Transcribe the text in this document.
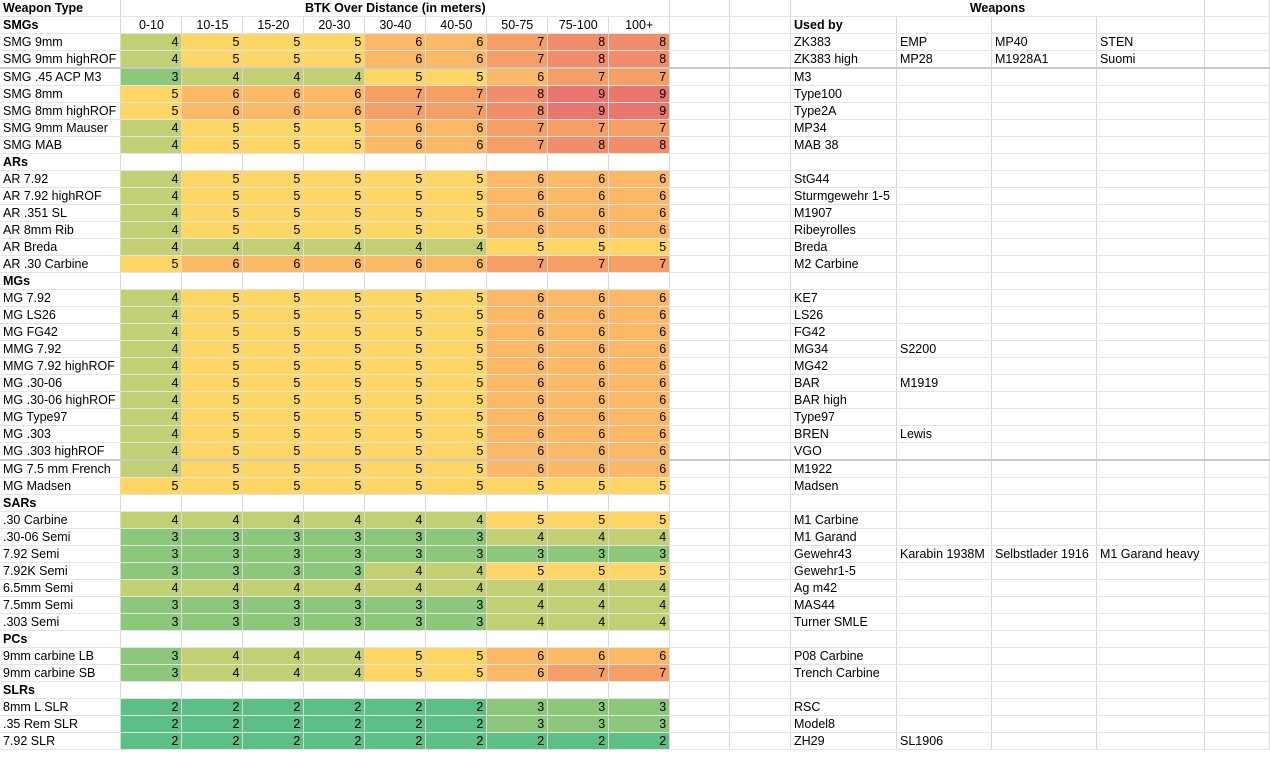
Weapon Type	BTK Over Distance (in meters)											Weapons				
SMGs	0-10	10-15	15-20	20-30	30-40	40-50	50-75	75-100	100+			Used by				
SMG 9mm	4	5	5	5	6	6	7	8	8			ZK383	EMP	MP40	STEN	
SMG 9mm highROF	4	5	5	5	6	6	7	8	8			ZK383 high	MP28	M1928A1	Suomi	
SMG .45 ACP M3	3	4	4	4	5	5	6	7	7			M3				
SMG 8mm	5	6	6	6	7	7	8	9	9			Type100				
SMG 8mm highROF	5	6	6	6	7	7	8	9	9			Type2A				
SMG 9mm Mauser	4	5	5	5	6	6	7	7	7			MP34				
SMG MAB	4	5	5	5	6	6	7	8	8			MAB 38				
ARs																
AR 7.92	4	5	5	5	5	5	6	6	6			StG44				
AR 7.92 highROF	4	5	5	5	5	5	6	6	6			Sturmgewehr 1-5				
AR .351 SL	4	5	5	5	5	5	6	6	6			M1907				
AR 8mm Rib	4	5	5	5	5	5	6	6	6			Ribeyrolles				
AR Breda	4	4	4	4	4	4	5	5	5			Breda				
AR .30 Carbine	5	6	6	6	6	6	7	7	7			M2 Carbine				
MGs																
MG 7.92	4	5	5	5	5	5	6	6	6			KE7				
MG LS26	4	5	5	5	5	5	6	6	6			LS26				
MG FG42	4	5	5	5	5	5	6	6	6			FG42				
MMG 7.92	4	5	5	5	5	5	6	6	6			MG34	S2200			
MMG 7.92 highROF	4	5	5	5	5	5	6	6	6			MG42				
MG .30-06	4	5	5	5	5	5	6	6	6			BAR	M1919			
MG .30-06 highROF	4	5	5	5	5	5	6	6	6			BAR high				
MG Type97	4	5	5	5	5	5	6	6	6			Type97				
MG .303	4	5	5	5	5	5	6	6	6			BREN	Lewis			
MG .303 highROF	4	5	5	5	5	5	6	6	6			VGO				
MG 7.5 mm French	4	5	5	5	5	5	6	6	6			M1922				
MG Madsen	5	5	5	5	5	5	5	5	5			Madsen				
SARs																
.30 Carbine	4	4	4	4	4	4	5	5	5			M1 Carbine				
.30-06 Semi	3	3	3	3	3	3	4	4	4			M1 Garand				
7.92 Semi	3	3	3	3	3	3	3	3	3			Gewehr43	Karabin 1938M	Selbstlader 1916	M1 Garand heavy	
7.92K Semi	3	3	3	3	4	4	5	5	5			Gewehr1-5				
6.5mm Semi	4	4	4	4	4	4	4	4	4			Ag m42				
7.5mm Semi	3	3	3	3	3	3	4	4	4			MAS44				
.303 Semi	3	3	3	3	3	3	4	4	4			Turner SMLE				
PCs																
9mm carbine LB	3	4	4	4	5	5	6	6	6			P08 Carbine				
9mm carbine SB	3	4	4	4	5	5	6	7	7			Trench Carbine				
SLRs																
8mm L SLR	2	2	2	2	2	2	3	3	3			RSC				
.35 Rem SLR	2	2	2	2	2	2	3	3	3			Model8				
7.92 SLR	2	2	2	2	2	2	2	2	2			ZH29	SL1906			
